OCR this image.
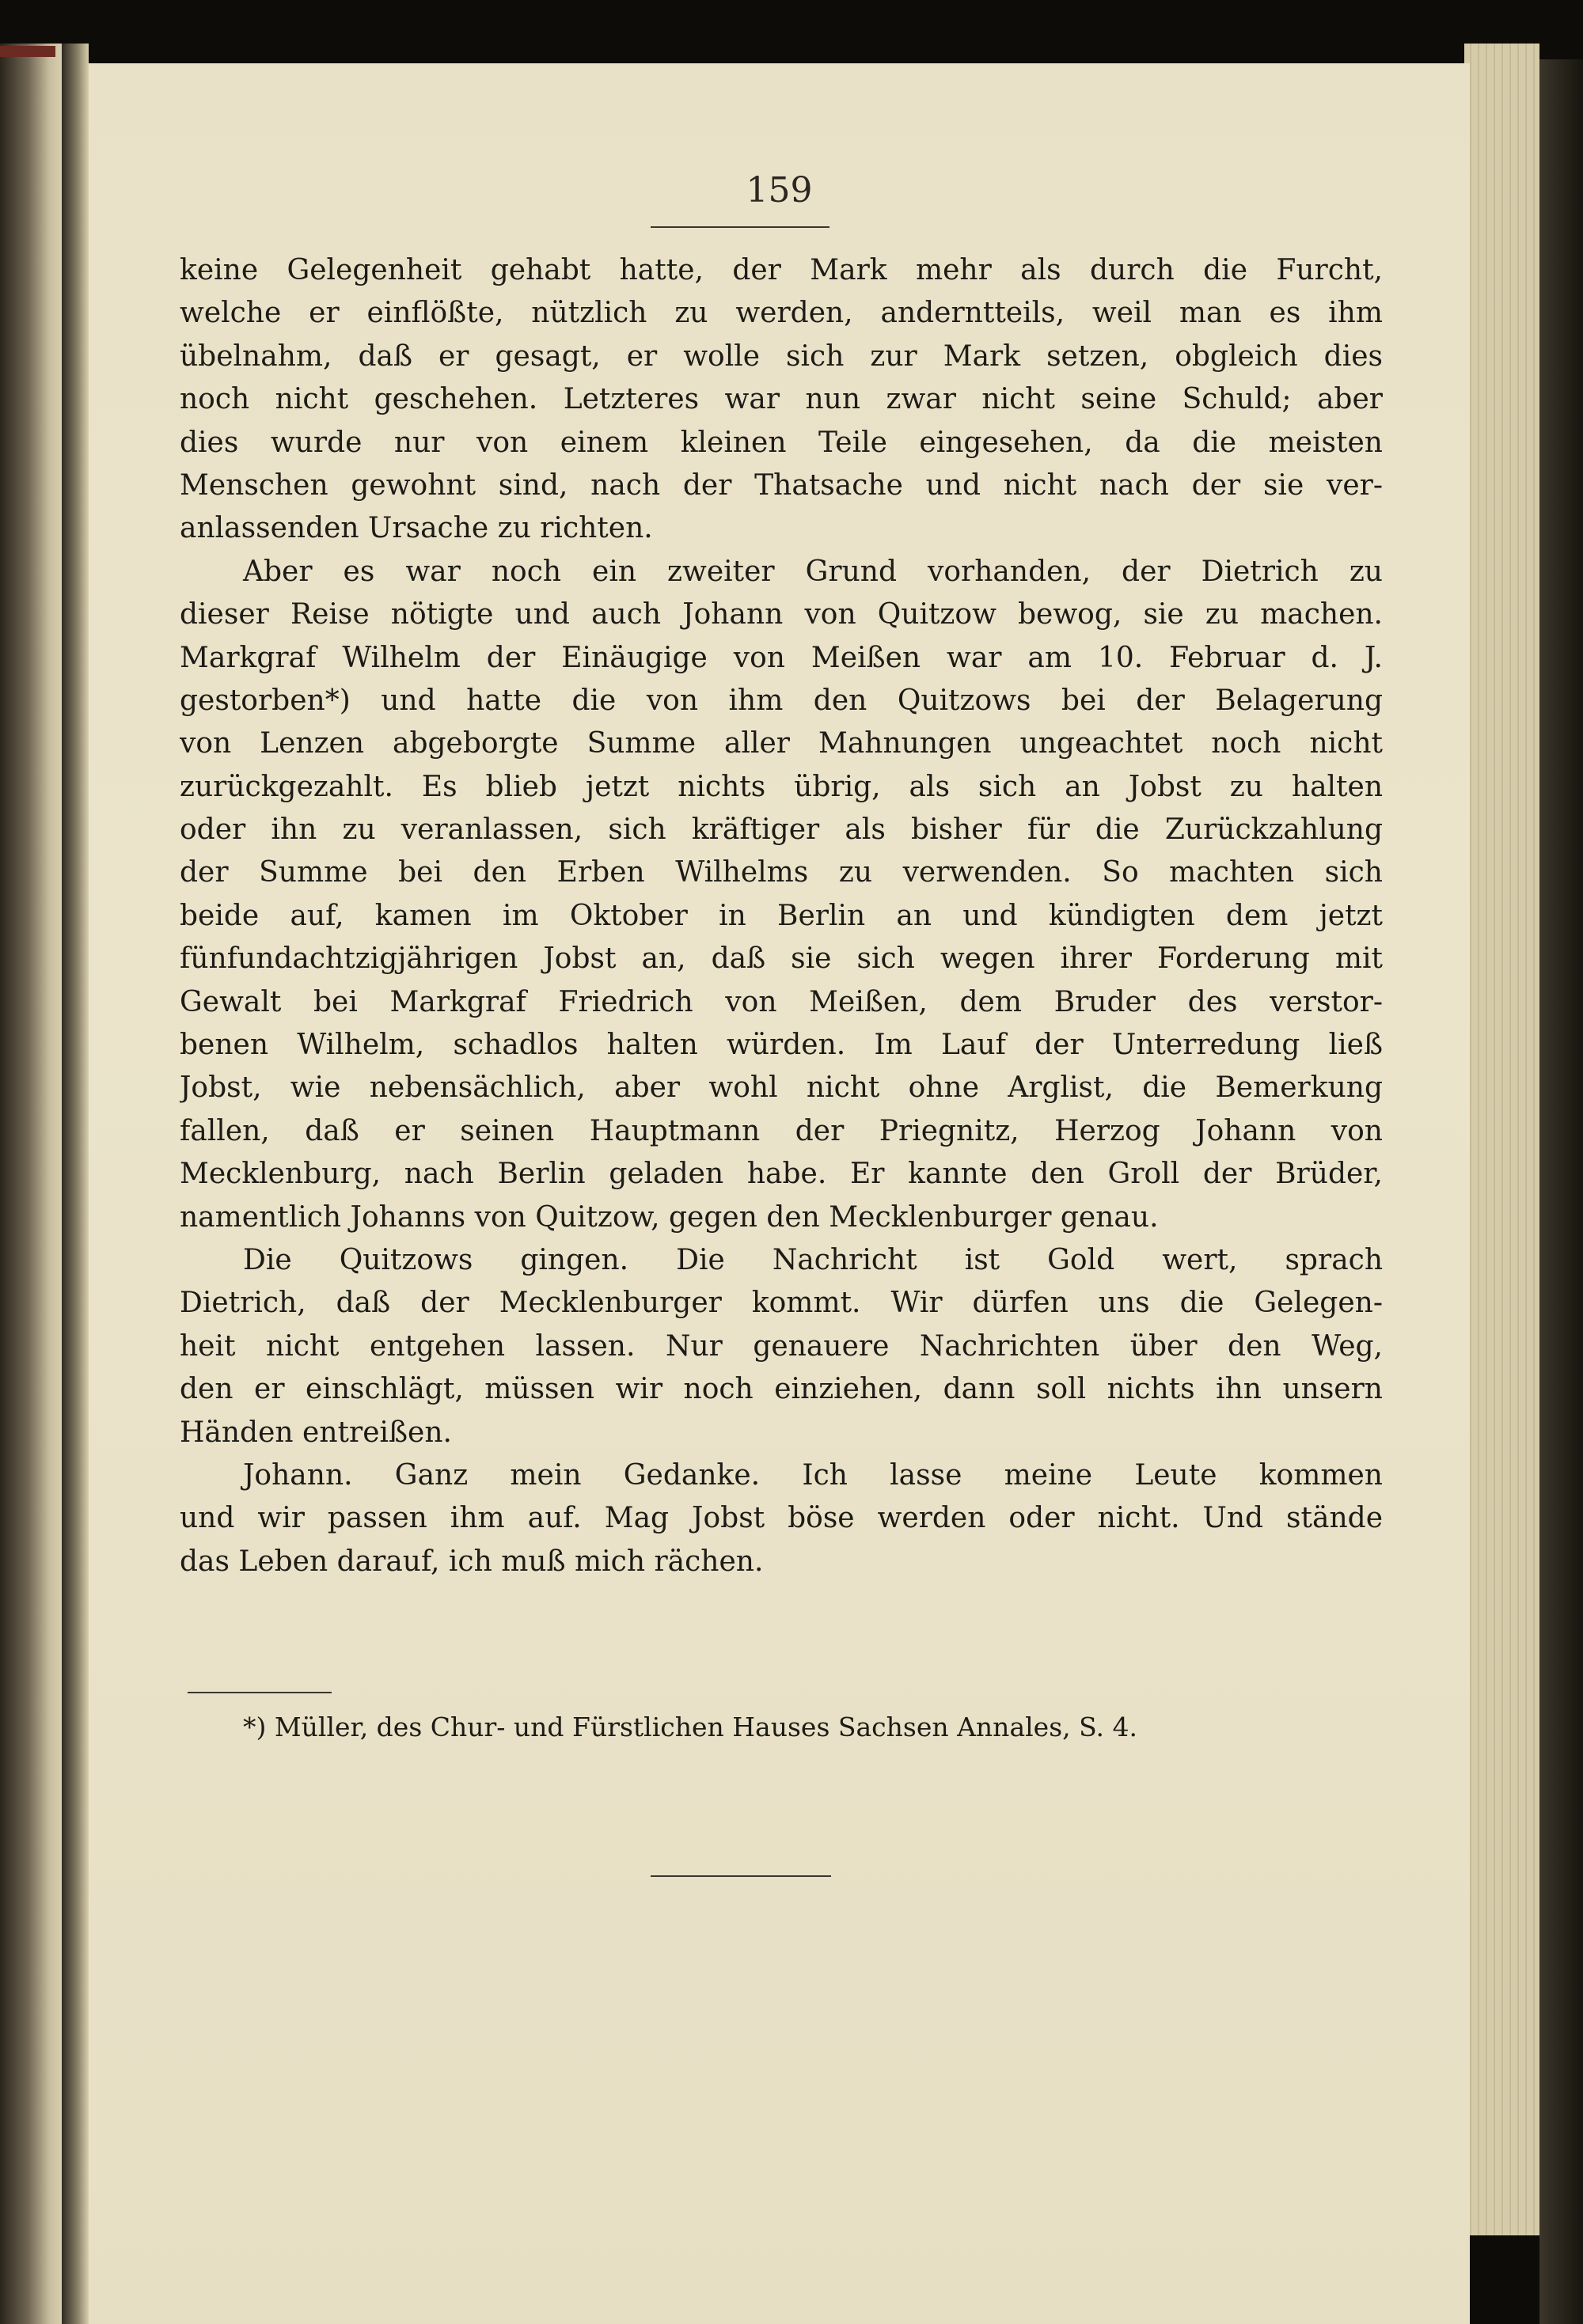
159
keine Gelegenheit gehabt hatte, der Mark mehr als durch die Furcht,
welche er einflößte, nützlich zu werden, anderntteils, weil man es ihm
übelnahm, daß er gesagt, er wolle sich zur Mark setzen, obgleich dies
noch nicht geschehen. Letzteres war nun zwar nicht seine Schuld; aber
dies wurde nur von einem kleinen Teile eingesehen, da die meisten
Menschen gewohnt sind, nach der Thatsache und nicht nach der sie ver-
anlassenden Ursache zu richten.
Aber es war noch ein zweiter Grund vorhanden, der Dietrich zu
dieser Reise nötigte und auch Johann von Quitzow bewog, sie zu machen.
Markgraf Wilhelm der Einäugige von Meißen war am 10. Februar d. J.
gestorben*) und hatte die von ihm den Quitzows bei der Belagerung
von Lenzen abgeborgte Summe aller Mahnungen ungeachtet noch nicht
zurückgezahlt. Es blieb jetzt nichts übrig, als sich an Jobst zu halten
oder ihn zu veranlassen, sich kräftiger als bisher für die Zurückzahlung
der Summe bei den Erben Wilhelms zu verwenden. So machten sich
beide auf, kamen im Oktober in Berlin an und kündigten dem jetzt
fünfundachtzigjährigen Jobst an, daß sie sich wegen ihrer Forderung mit
Gewalt bei Markgraf Friedrich von Meißen, dem Bruder des verstor-
benen Wilhelm, schadlos halten würden. Im Lauf der Unterredung ließ
Jobst, wie nebensächlich, aber wohl nicht ohne Arglist, die Bemerkung
fallen, daß er seinen Hauptmann der Priegnitz, Herzog Johann von
Mecklenburg, nach Berlin geladen habe. Er kannte den Groll der Brüder,
namentlich Johanns von Quitzow, gegen den Mecklenburger genau.
Die Quitzows gingen. Die Nachricht ist Gold wert, sprach
Dietrich, daß der Mecklenburger kommt. Wir dürfen uns die Gelegen-
heit nicht entgehen lassen. Nur genauere Nachrichten über den Weg,
den er einschlägt, müssen wir noch einziehen, dann soll nichts ihn unsern
Händen entreißen.
Johann. Ganz mein Gedanke. Ich lasse meine Leute kommen
und wir passen ihm auf. Mag Jobst böse werden oder nicht. Und stände
das Leben darauf, ich muß mich rächen.
*) Müller, des Chur- und Fürstlichen Hauses Sachsen Annales, S. 4.
